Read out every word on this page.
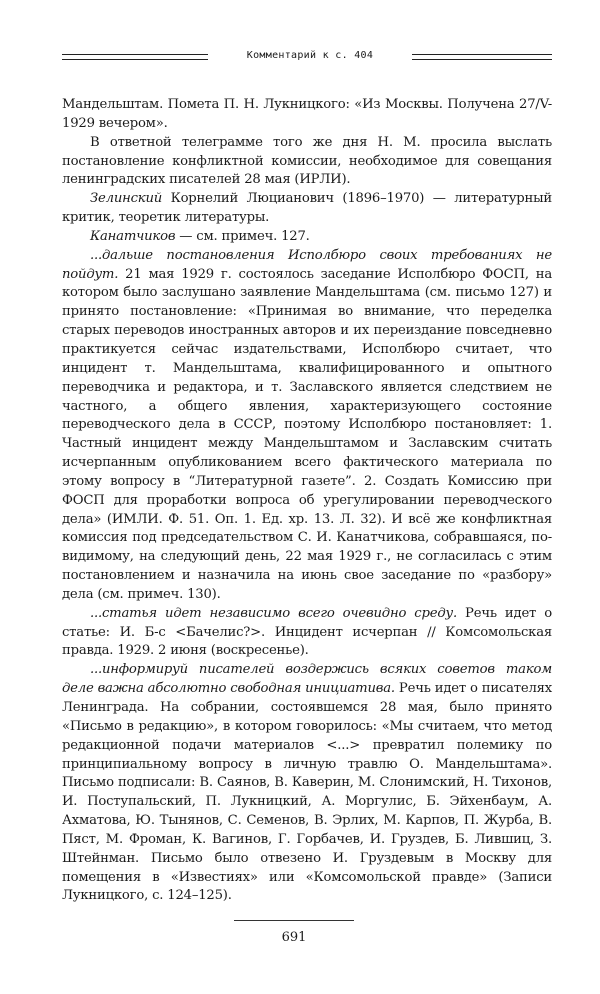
Комментарий к с. 404

Мандельштам. Помета П. Н. Лукницкого: «Из Москвы. Получена 27/V-1929 вечером».

В ответной телеграмме того же дня Н. М. просила выслать постановление конфликтной комиссии, необходимое для совещания ленинградских писателей 28 мая (ИРЛИ).

Зелинский Корнелий Люцианович (1896–1970) — литературный критик, теоретик литературы.

Канатчиков — см. примеч. 127.

...дальше постановления Исполбюро своих требованиях не пойдут. 21 мая 1929 г. состоялось заседание Исполбюро ФОСП, на котором было заслушано заявление Мандельштама (см. письмо 127) и принято постановление: «Принимая во внимание, что переделка старых переводов иностранных авторов и их переиздание повседневно практикуется сейчас издательствами, Исполбюро считает, что инцидент т. Мандельштама, квалифицированного и опытного переводчика и редактора, и т. Заславского является следствием не частного, а общего явления, характеризующего состояние переводческого дела в СССР, поэтому Исполбюро постановляет: 1. Частный инцидент между Мандельштамом и Заславским считать исчерпанным опубликованием всего фактического материала по этому вопросу в “Литературной газете”. 2. Создать Комиссию при ФОСП для проработки вопроса об урегулировании переводческого дела» (ИМЛИ. Ф. 51. Оп. 1. Ед. хр. 13. Л. 32). И всё же конфликтная комиссия под председательством С. И. Канатчикова, собравшаяся, по-видимому, на следующий день, 22 мая 1929 г., не согласилась с этим постановлением и назначила на июнь свое заседание по «разбору» дела (см. примеч. 130).

...статья идет независимо всего очевидно среду. Речь идет о статье: И. Б-с <Бачелис?>. Инцидент исчерпан // Комсомольская правда. 1929. 2 июня (воскресенье).

...информируй писателей воздержись всяких советов таком деле важна абсолютно свободная инициатива. Речь идет о писателях Ленинграда. На собрании, состоявшемся 28 мая, было принято «Письмо в редакцию», в котором говорилось: «Мы считаем, что метод редакционной подачи материалов <...> превратил полемику по принципиальному вопросу в личную травлю О. Мандельштама». Письмо подписали: В. Саянов, В. Каверин, М. Слонимский, Н. Тихонов, И. Поступальский, П. Лукницкий, А. Моргулис, Б. Эйхенбаум, А. Ахматова, Ю. Тынянов, С. Семенов, В. Эрлих, М. Карпов, П. Журба, В. Пяст, М. Фроман, К. Вагинов, Г. Горбачев, И. Груздев, Б. Лившиц, З. Штейнман. Письмо было отвезено И. Груздевым в Москву для помещения в «Известиях» или «Комсомольской правде» (Записи Лукницкого, с. 124–125).

691
